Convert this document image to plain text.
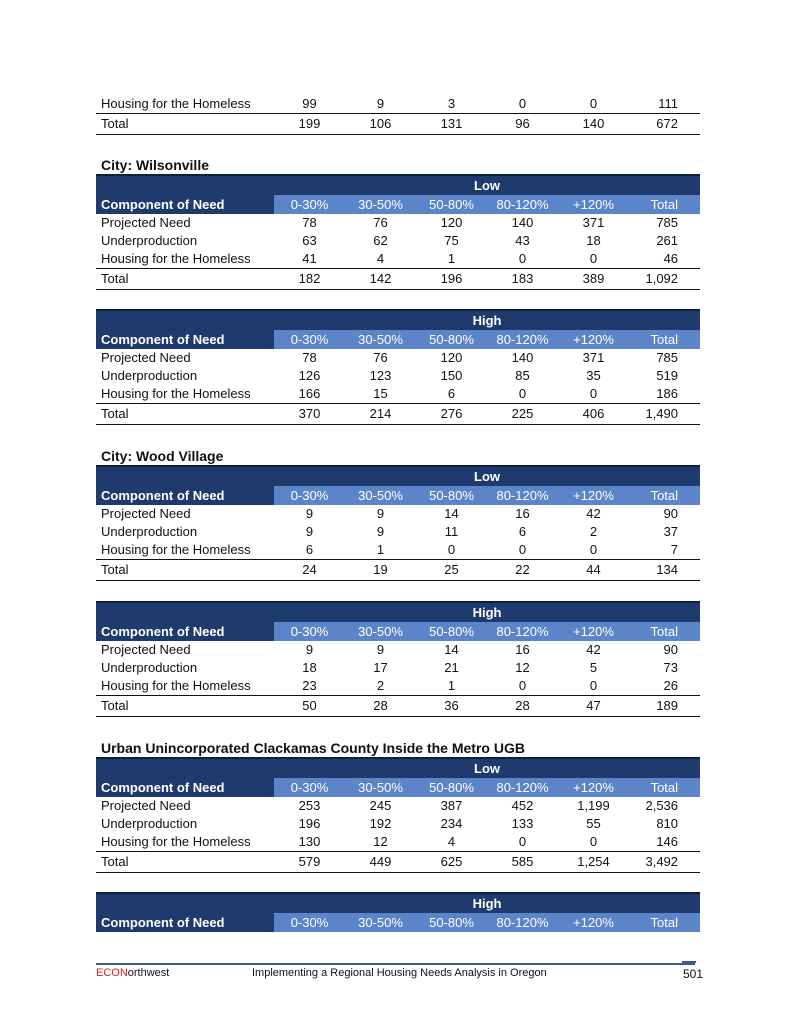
Housing for the Homeless	99	9	3	0	0	111
Total	199	106	131	96	140	672
City: Wilsonville
	Low					
Component of Need	0-30%	30-50%	50-80%	80-120%	+120%	Total
Projected Need	78	76	120	140	371	785
Underproduction	63	62	75	43	18	261
Housing for the Homeless	41	4	1	0	0	46
Total	182	142	196	183	389	1,092
	High					
Component of Need	0-30%	30-50%	50-80%	80-120%	+120%	Total
Projected Need	78	76	120	140	371	785
Underproduction	126	123	150	85	35	519
Housing for the Homeless	166	15	6	0	0	186
Total	370	214	276	225	406	1,490
City: Wood Village
	Low					
Component of Need	0-30%	30-50%	50-80%	80-120%	+120%	Total
Projected Need	9	9	14	16	42	90
Underproduction	9	9	11	6	2	37
Housing for the Homeless	6	1	0	0	0	7
Total	24	19	25	22	44	134
	High					
Component of Need	0-30%	30-50%	50-80%	80-120%	+120%	Total
Projected Need	9	9	14	16	42	90
Underproduction	18	17	21	12	5	73
Housing for the Homeless	23	2	1	0	0	26
Total	50	28	36	28	47	189
Urban Unincorporated Clackamas County Inside the Metro UGB
	Low					
Component of Need	0-30%	30-50%	50-80%	80-120%	+120%	Total
Projected Need	253	245	387	452	1,199	2,536
Underproduction	196	192	234	133	55	810
Housing for the Homeless	130	12	4	0	0	146
Total	579	449	625	585	1,254	3,492
	High					
Component of Need	0-30%	30-50%	50-80%	80-120%	+120%	Total
ECONorthwest	Implementing a Regional Housing Needs Analysis in Oregon	501
